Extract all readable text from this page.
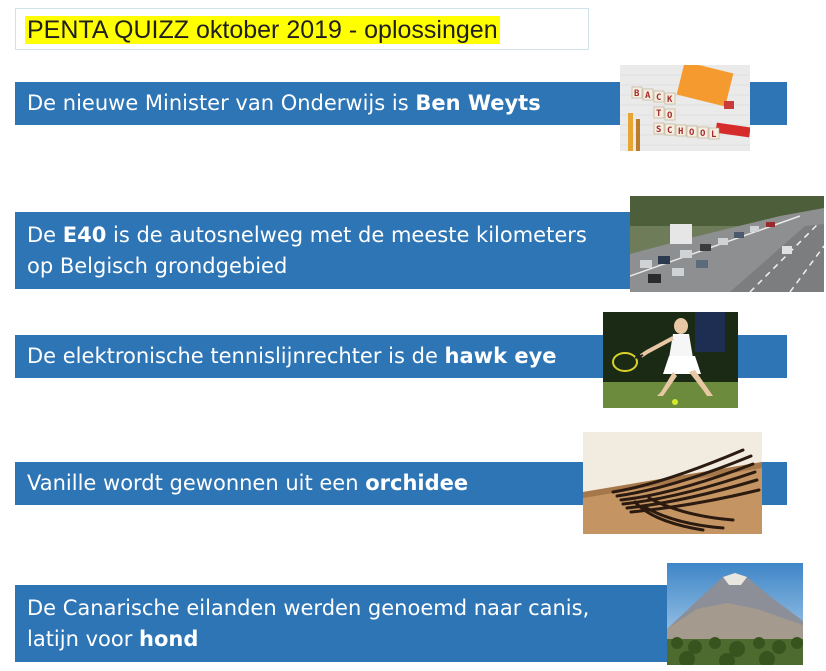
PENTA QUIZZ oktober 2019 - oplossingen
De nieuwe Minister van Onderwijs is Ben Weyts	B A C K
T O
S C H O O L
De E40 is de autosnelweg met de meeste kilometers
op Belgisch grondgebied
De elektronische tennislijnrechter is de hawk eye
Vanille wordt gewonnen uit een orchidee
De Canarische eilanden werden genoemd naar canis,
latijn voor hond
